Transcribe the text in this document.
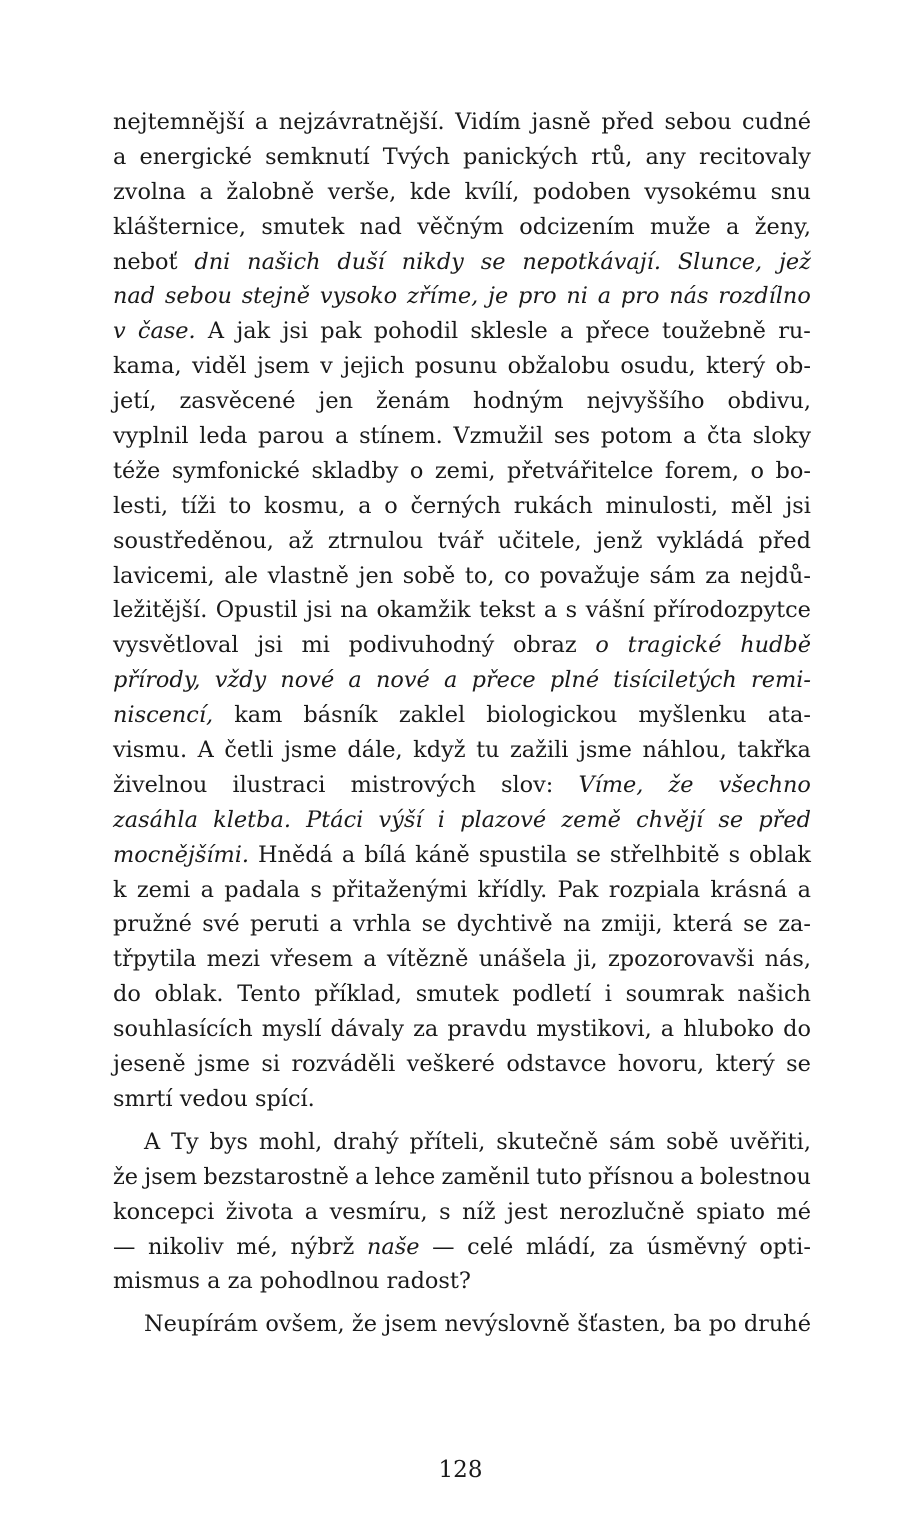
nejtemnější a nejzávratnější. Vidím jasně před sebou cudné
a energické semknutí Tvých panických rtů, any recitovaly
zvolna a žalobně verše, kde kvílí, podoben vysokému snu
klášternice, smutek nad věčným odcizením muže a ženy,
neboť dni našich duší nikdy se nepotkávají. Slunce, jež
nad sebou stejně vysoko zříme, je pro ni a pro nás rozdílno
v čase. A jak jsi pak pohodil sklesle a přece toužebně ru-
kama, viděl jsem v jejich posunu obžalobu osudu, který ob-
jetí, zasvěcené jen ženám hodným nejvyššího obdivu,
vyplnil leda parou a stínem. Vzmužil ses potom a čta sloky
téže symfonické skladby o zemi, přetvářitelce forem, o bo-
lesti, tíži to kosmu, a o černých rukách minulosti, měl jsi
soustředěnou, až ztrnulou tvář učitele, jenž vykládá před
lavicemi, ale vlastně jen sobě to, co považuje sám za nejdů-
ležitější. Opustil jsi na okamžik tekst a s vášní přírodozpytce
vysvětloval jsi mi podivuhodný obraz o tragické hudbě
přírody, vždy nové a nové a přece plné tisíciletých remi-
niscencí, kam básník zaklel biologickou myšlenku ata-
vismu. A četli jsme dále, když tu zažili jsme náhlou, takřka
živelnou ilustraci mistrových slov: Víme, že všechno
zasáhla kletba. Ptáci výší i plazové země chvějí se před
mocnějšími. Hnědá a bílá káně spustila se střelhbitě s oblak
k zemi a padala s přitaženými křídly. Pak rozpiala krásná a
pružné své peruti a vrhla se dychtivě na zmiji, která se za-
třpytila mezi vřesem a vítězně unášela ji, zpozorovavši nás,
do oblak. Tento příklad, smutek podletí i soumrak našich
souhlasících myslí dávaly za pravdu mystikovi, a hluboko do
jeseně jsme si rozváděli veškeré odstavce hovoru, který se
smrtí vedou spící.
A Ty bys mohl, drahý příteli, skutečně sám sobě uvěřiti,
že jsem bezstarostně a lehce zaměnil tuto přísnou a bolestnou
koncepci života a vesmíru, s níž jest nerozlučně spiato mé
— nikoliv mé, nýbrž naše — celé mládí, za úsměvný opti-
mismus a za pohodlnou radost?
Neupírám ovšem, že jsem nevýslovně šťasten, ba po druhé
128
